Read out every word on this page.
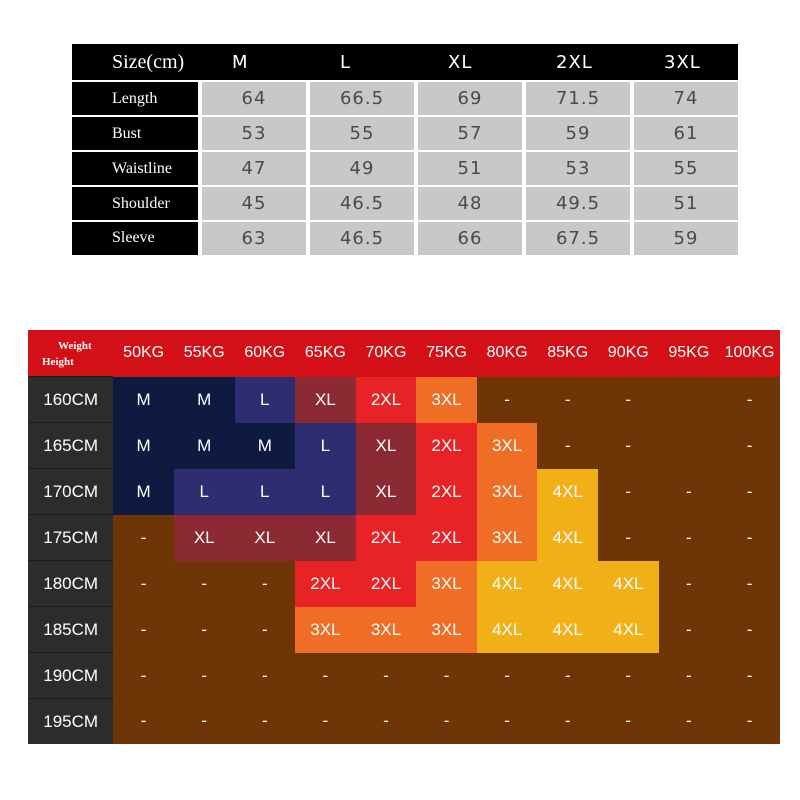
Size(cm)	M	L	XL	2XL	3XL
Length	64	66.5	69	71.5	74
Bust	53	55	57	59	61
Waistline	47	49	51	53	55
Shoulder	45	46.5	48	49.5	51
Sleeve	63	46.5	66	67.5	59
Weight
Height	50KG	55KG	60KG	65KG	70KG	75KG	80KG	85KG	90KG	95KG	100KG
160CM	M	M	L	XL	2XL	3XL	-	-	-		-
165CM	M	M	M	L	XL	2XL	3XL	-	-		-
170CM	M	L	L	L	XL	2XL	3XL	4XL	-	-	-
175CM	-	XL	XL	XL	2XL	2XL	3XL	4XL	-	-	-
180CM	-	-	-	2XL	2XL	3XL	4XL	4XL	4XL	-	-
185CM	-	-	-	3XL	3XL	3XL	4XL	4XL	4XL	-	-
190CM	-	-	-	-	-	-	-	-	-	-	-
195CM	-	-	-	-	-	-	-	-	-	-	-
